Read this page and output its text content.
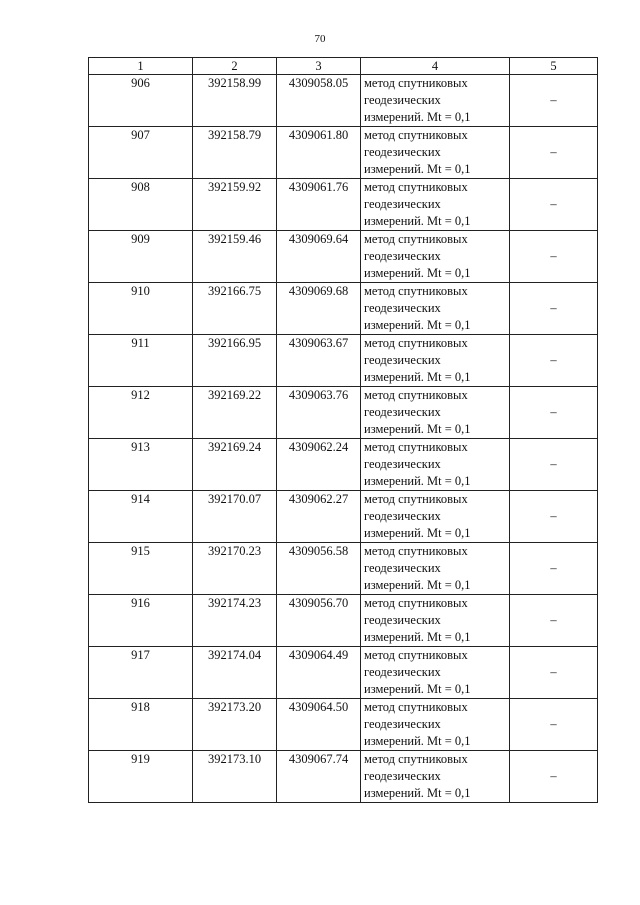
70
1	2	3	4	5
906	392158.99	4309058.05	метод спутниковых
геодезических
измерений. Mt = 0,1	–
907	392158.79	4309061.80	метод спутниковых
геодезических
измерений. Mt = 0,1	–
908	392159.92	4309061.76	метод спутниковых
геодезических
измерений. Mt = 0,1	–
909	392159.46	4309069.64	метод спутниковых
геодезических
измерений. Mt = 0,1	–
910	392166.75	4309069.68	метод спутниковых
геодезических
измерений. Mt = 0,1	–
911	392166.95	4309063.67	метод спутниковых
геодезических
измерений. Mt = 0,1	–
912	392169.22	4309063.76	метод спутниковых
геодезических
измерений. Mt = 0,1	–
913	392169.24	4309062.24	метод спутниковых
геодезических
измерений. Mt = 0,1	–
914	392170.07	4309062.27	метод спутниковых
геодезических
измерений. Mt = 0,1	–
915	392170.23	4309056.58	метод спутниковых
геодезических
измерений. Mt = 0,1	–
916	392174.23	4309056.70	метод спутниковых
геодезических
измерений. Mt = 0,1	–
917	392174.04	4309064.49	метод спутниковых
геодезических
измерений. Mt = 0,1	–
918	392173.20	4309064.50	метод спутниковых
геодезических
измерений. Mt = 0,1	–
919	392173.10	4309067.74	метод спутниковых
геодезических
измерений. Mt = 0,1	–
